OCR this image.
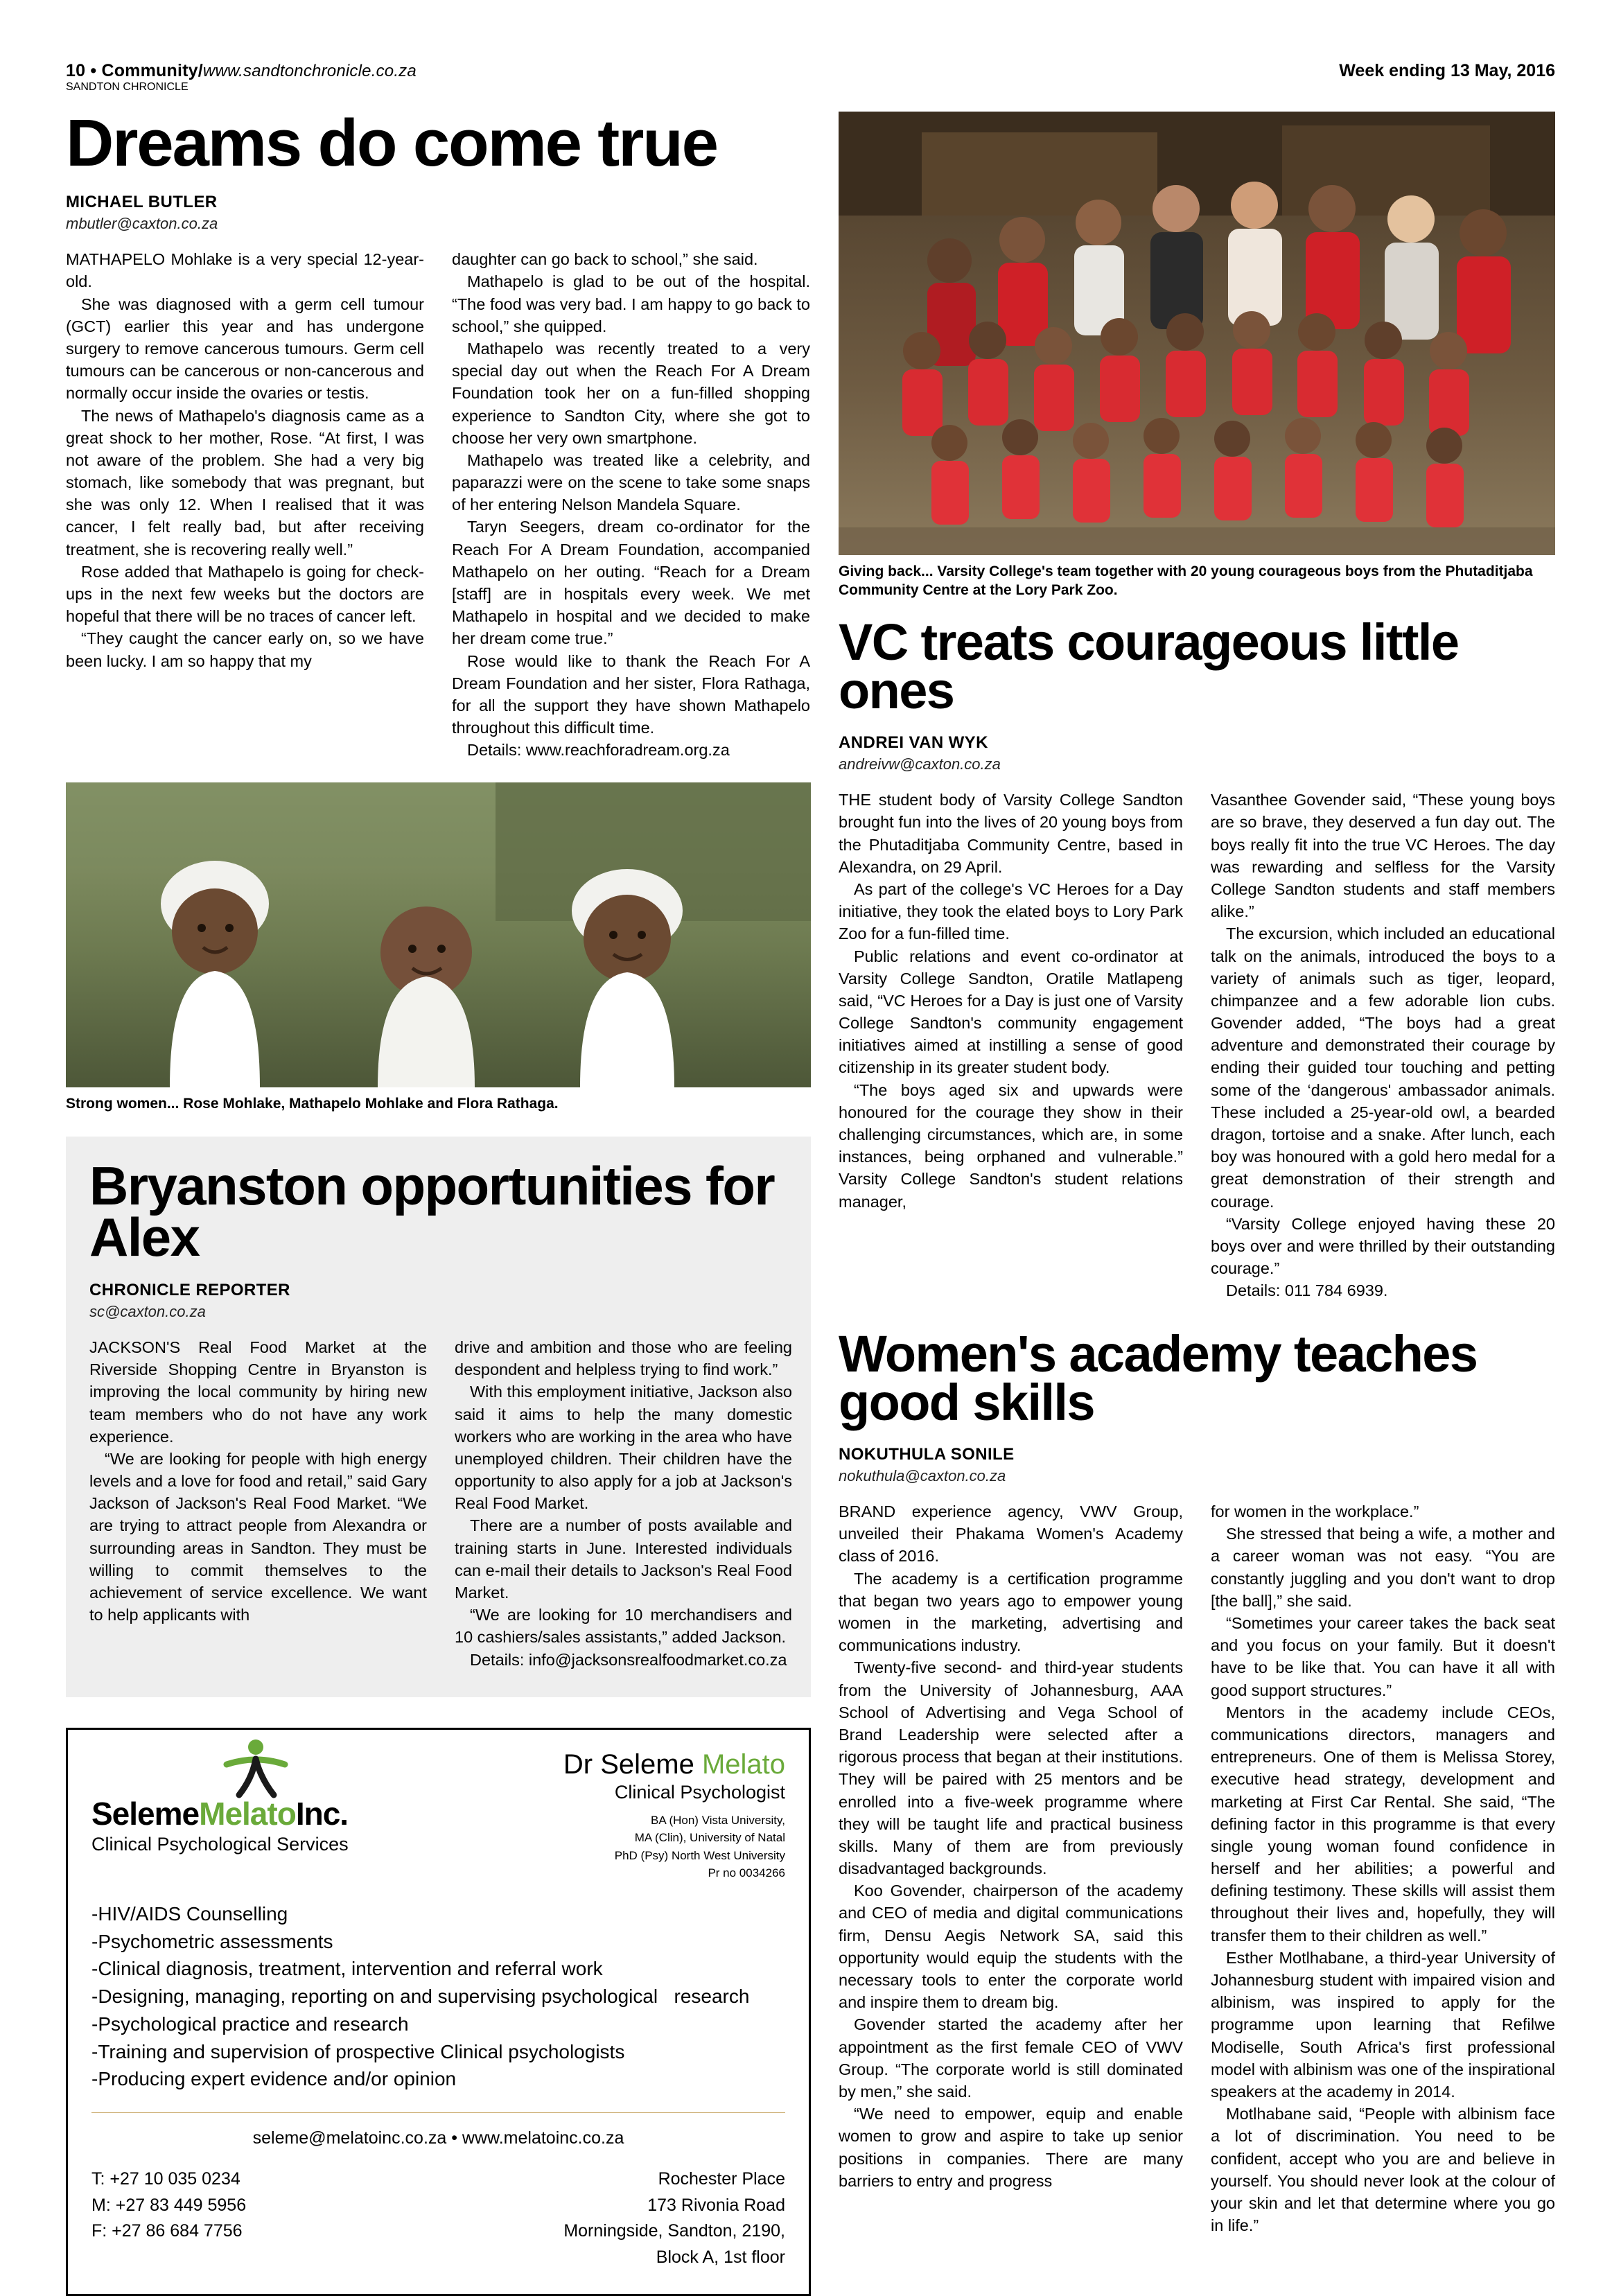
10 • Community/www.sandtonchronicle.co.za	Week ending 13 May, 2016
SANDTON CHRONICLE
Dreams do come true
MICHAEL BUTLER
mbutler@caxton.co.za

MATHAPELO Mohlake is a very special 12-year-old.

She was diagnosed with a germ cell tumour (GCT) earlier this year and has undergone surgery to remove cancerous tumours. Germ cell tumours can be cancerous or non-cancerous and normally occur inside the ovaries or testis.

The news of Mathapelo's diagnosis came as a great shock to her mother, Rose. “At first, I was not aware of the problem. She had a very big stomach, like somebody that was pregnant, but she was only 12. When I realised that it was cancer, I felt really bad, but after receiving treatment, she is recovering really well.”

Rose added that Mathapelo is going for check-ups in the next few weeks but the doctors are hopeful that there will be no traces of cancer left.

“They caught the cancer early on, so we have been lucky. I am so happy that my

daughter can go back to school,” she said.

Mathapelo is glad to be out of the hospital. “The food was very bad. I am happy to go back to school,” she quipped.

Mathapelo was recently treated to a very special day out when the Reach For A Dream Foundation took her on a fun-filled shopping experience to Sandton City, where she got to choose her very own smartphone.

Mathapelo was treated like a celebrity, and paparazzi were on the scene to take some snaps of her entering Nelson Mandela Square.

Taryn Seegers, dream co-ordinator for the Reach For A Dream Foundation, accompanied Mathapelo on her outing. “Reach for a Dream [staff] are in hospitals every week. We met Mathapelo in hospital and we decided to make her dream come true.”

Rose would like to thank the Reach For A Dream Foundation and her sister, Flora Rathaga, for all the support they have shown Mathapelo throughout this difficult time.

Details: www.reachforadream.org.za

Strong women... Rose Mohlake, Mathapelo Mohlake and Flora Rathaga.
Bryanston opportunities for Alex
CHRONICLE REPORTER
sc@caxton.co.za

JACKSON'S Real Food Market at the Riverside Shopping Centre in Bryanston is improving the local community by hiring new team members who do not have any work experience.

“We are looking for people with high energy levels and a love for food and retail,” said Gary Jackson of Jackson's Real Food Market. “We are trying to attract people from Alexandra or surrounding areas in Sandton. They must be willing to commit themselves to the achievement of service excellence. We want to help applicants with

drive and ambition and those who are feeling despondent and helpless trying to find work.”

With this employment initiative, Jackson also said it aims to help the many domestic workers who are working in the area who have unemployed children. Their children have the opportunity to also apply for a job at Jackson's Real Food Market.

There are a number of posts available and training starts in June. Interested individuals can e-mail their details to Jackson's Real Food Market.

“We are looking for 10 merchandisers and 10 cashiers/sales assistants,” added Jackson.

Details: info@jacksonsrealfoodmarket.co.za

SelemeMelatoInc.
Clinical Psychological Services
Dr Seleme Melato
Clinical Psychologist
BA (Hon) Vista University,
MA (Clin), University of Natal
PhD (Psy) North West University
Pr no 0034266
-HIV/AIDS Counselling
-Psychometric assessments
-Clinical diagnosis, treatment, intervention and referral work
-Designing, managing, reporting on and supervising psychological   research
-Psychological practice and research
-Training and supervision of prospective Clinical psychologists
-Producing expert evidence and/or opinion
seleme@melatoinc.co.za • www.melatoinc.co.za
T: +27 10 035 0234
M: +27 83 449 5956
F: +27 86 684 7756
Rochester Place
173 Rivonia Road
Morningside, Sandton, 2190,
Block A, 1st floor
Giving back... Varsity College's team together with 20 young courageous boys from the Phutaditjaba Community Centre at the Lory Park Zoo.
VC treats courageous little ones
ANDREI VAN WYK
andreivw@caxton.co.za

THE student body of Varsity College Sandton brought fun into the lives of 20 young boys from the Phutaditjaba Community Centre, based in Alexandra, on 29 April.

As part of the college's VC Heroes for a Day initiative, they took the elated boys to Lory Park Zoo for a fun-filled time.

Public relations and event co-ordinator at Varsity College Sandton, Oratile Matlapeng said, “VC Heroes for a Day is just one of Varsity College Sandton's community engagement initiatives aimed at instilling a sense of good citizenship in its greater student body.

“The boys aged six and upwards were honoured for the courage they show in their challenging circumstances, which are, in some instances, being orphaned and vulnerable.” Varsity College Sandton's student relations manager,

Vasanthee Govender said, “These young boys are so brave, they deserved a fun day out. The boys really fit into the true VC Heroes. The day was rewarding and selfless for the Varsity College Sandton students and staff members alike.”

The excursion, which included an educational talk on the animals, introduced the boys to a variety of animals such as tiger, leopard, chimpanzee and a few adorable lion cubs. Govender added, “The boys had a great adventure and demonstrated their courage by ending their guided tour touching and petting some of the ‘dangerous' ambassador animals. These included a 25-year-old owl, a bearded dragon, tortoise and a snake. After lunch, each boy was honoured with a gold hero medal for a great demonstration of their strength and courage.

“Varsity College enjoyed having these 20 boys over and were thrilled by their outstanding courage.”

Details: 011 784 6939.

Women's academy teaches good skills
NOKUTHULA SONILE
nokuthula@caxton.co.za

BRAND experience agency, VWV Group, unveiled their Phakama Women's Academy class of 2016.

The academy is a certification programme that began two years ago to empower young women in the marketing, advertising and communications industry.

Twenty-five second- and third-year students from the University of Johannesburg, AAA School of Advertising and Vega School of Brand Leadership were selected after a rigorous process that began at their institutions. They will be paired with 25 mentors and be enrolled into a five-week programme where they will be taught life and practical business skills. Many of them are from previously disadvantaged backgrounds.

Koo Govender, chairperson of the academy and CEO of media and digital communications firm, Densu Aegis Network SA, said this opportunity would equip the students with the necessary tools to enter the corporate world and inspire them to dream big.

Govender started the academy after her appointment as the first female CEO of VWV Group. “The corporate world is still dominated by men,” she said.

“We need to empower, equip and enable women to grow and aspire to take up senior positions in companies. There are many barriers to entry and progress

for women in the workplace.”

She stressed that being a wife, a mother and a career woman was not easy. “You are constantly juggling and you don't want to drop [the ball],” she said.

“Sometimes your career takes the back seat and you focus on your family. But it doesn't have to be like that. You can have it all with good support structures.”

Mentors in the academy include CEOs, communications directors, managers and entrepreneurs. One of them is Melissa Storey, executive head strategy, development and marketing at First Car Rental. She said, “The defining factor in this programme is that every single young woman found confidence in herself and her abilities; a powerful and defining testimony. These skills will assist them throughout their lives and, hopefully, they will transfer them to their children as well.”

Esther Motlhabane, a third-year University of Johannesburg student with impaired vision and albinism, was inspired to apply for the programme upon learning that Refilwe Modiselle, South Africa's first professional model with albinism was one of the inspirational speakers at the academy in 2014.

Motlhabane said, “People with albinism face a lot of discrimination. You need to be confident, accept who you are and believe in yourself. You should never look at the colour of your skin and let that determine where you go in life.”
